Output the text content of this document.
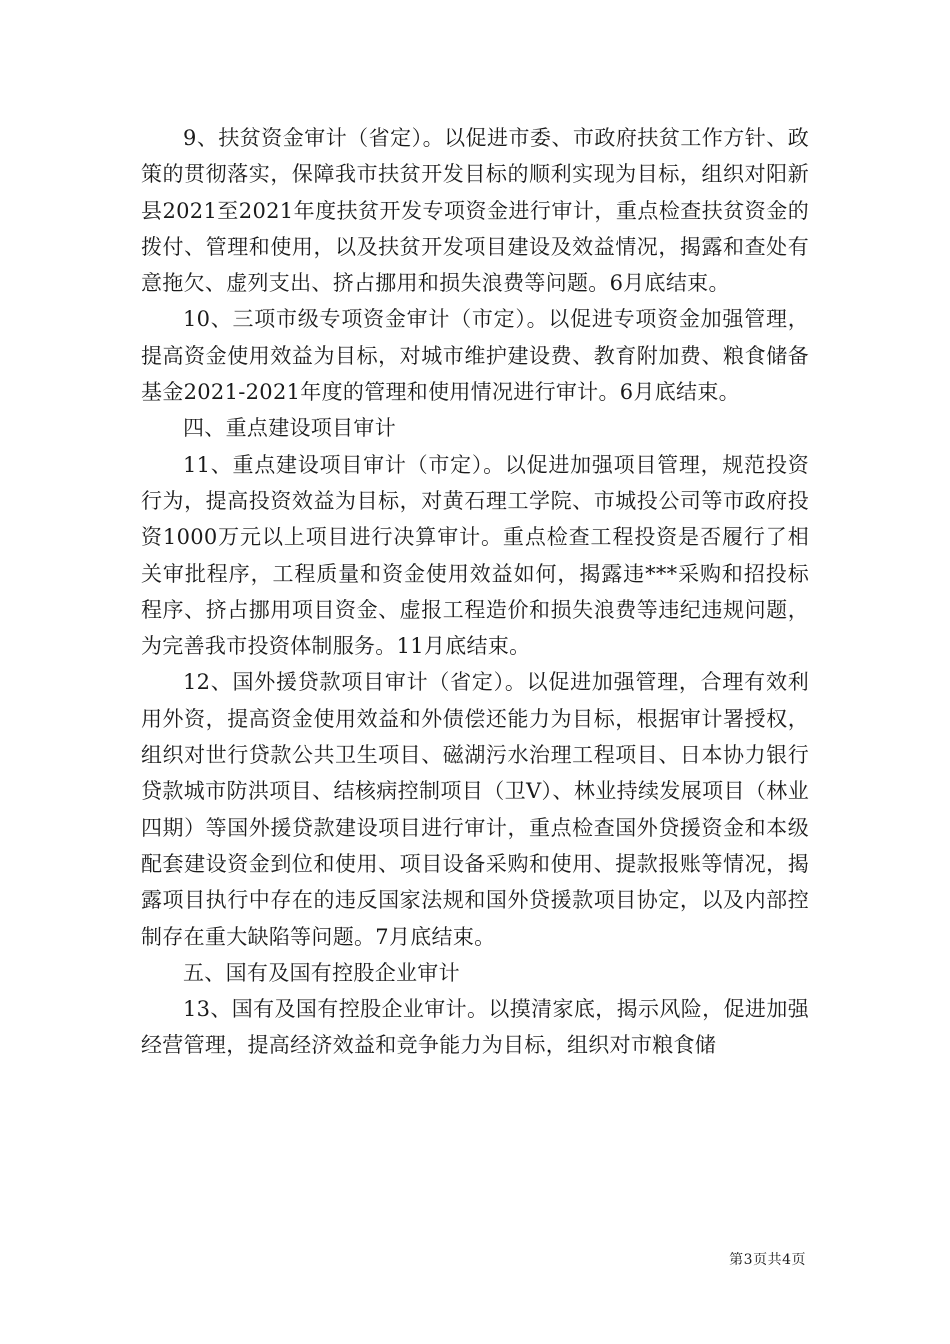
9、扶贫资金审计（省定）。以促进市委、市政府扶贫工作方针、政策的贯彻落实，保障我市扶贫开发目标的顺利实现为目标，组织对阳新县2021至2021年度扶贫开发专项资金进行审计，重点检查扶贫资金的拨付、管理和使用，以及扶贫开发项目建设及效益情况，揭露和查处有意拖欠、虚列支出、挤占挪用和损失浪费等问题。6月底结束。

10、三项市级专项资金审计（市定）。以促进专项资金加强管理，提高资金使用效益为目标，对城市维护建设费、教育附加费、粮食储备基金2021-2021年度的管理和使用情况进行审计。6月底结束。

四、重点建设项目审计

11、重点建设项目审计（市定）。以促进加强项目管理，规范投资行为，提高投资效益为目标，对黄石理工学院、市城投公司等市政府投资1000万元以上项目进行决算审计。重点检查工程投资是否履行了相关审批程序，工程质量和资金使用效益如何，揭露违***采购和招投标程序、挤占挪用项目资金、虚报工程造价和损失浪费等违纪违规问题，为完善我市投资体制服务。11月底结束。

12、国外援贷款项目审计（省定）。以促进加强管理，合理有效利用外资，提高资金使用效益和外债偿还能力为目标，根据审计署授权，组织对世行贷款公共卫生项目、磁湖污水治理工程项目、日本协力银行贷款城市防洪项目、结核病控制项目（卫Ⅴ）、林业持续发展项目（林业四期）等国外援贷款建设项目进行审计，重点检查国外贷援资金和本级配套建设资金到位和使用、项目设备采购和使用、提款报账等情况，揭露项目执行中存在的违反国家法规和国外贷援款项目协定，以及内部控制存在重大缺陷等问题。7月底结束。

五、国有及国有控股企业审计

13、国有及国有控股企业审计。以摸清家底，揭示风险，促进加强经营管理，提高经济效益和竞争能力为目标，组织对市粮食储

第3页共4页
